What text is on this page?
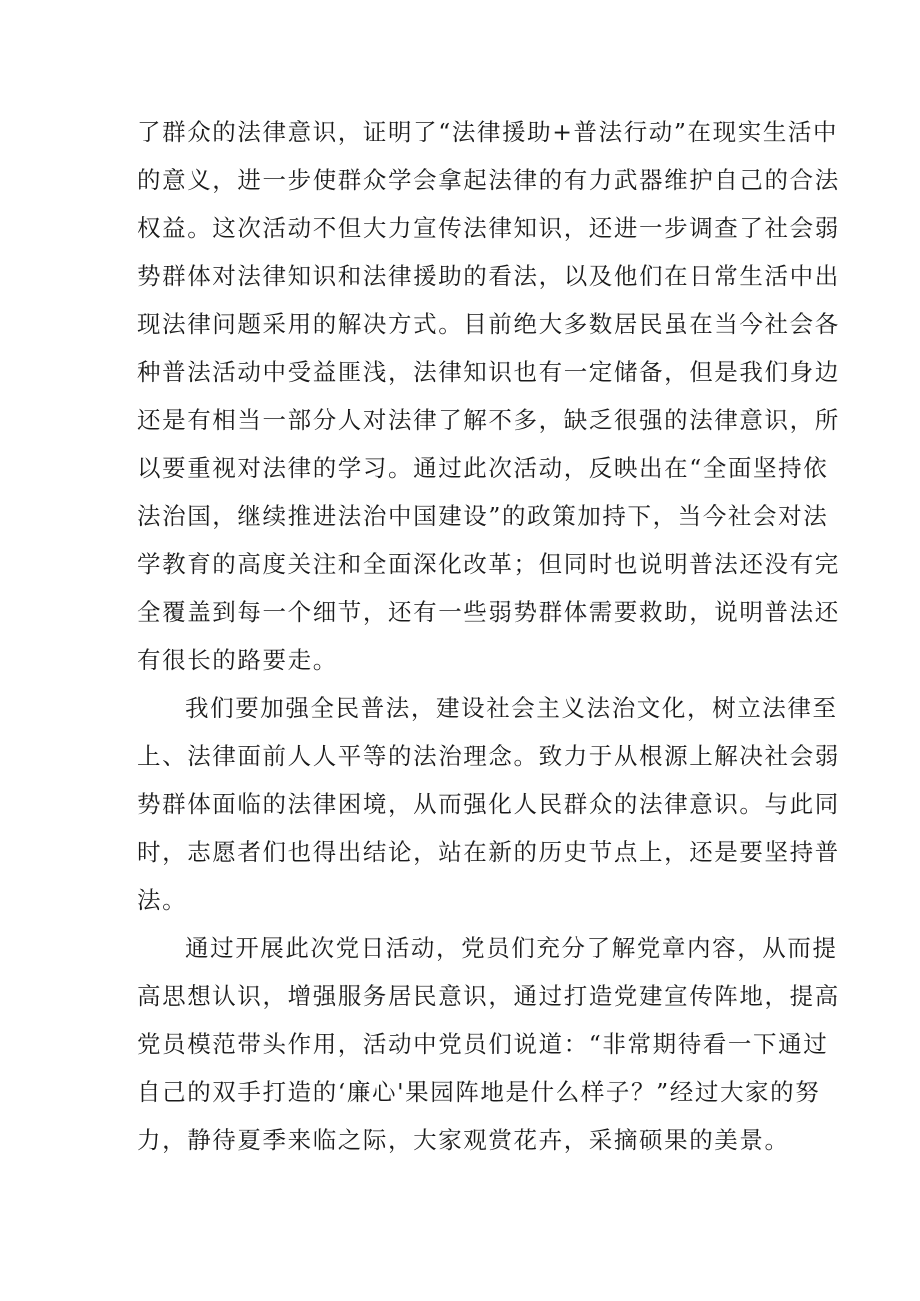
了群众的法律意识，证明了“法律援助+普法行动”在现实生活中
的意义，进一步使群众学会拿起法律的有力武器维护自己的合法
权益。这次活动不但大力宣传法律知识，还进一步调查了社会弱
势群体对法律知识和法律援助的看法，以及他们在日常生活中出
现法律问题采用的解决方式。目前绝大多数居民虽在当今社会各
种普法活动中受益匪浅，法律知识也有一定储备，但是我们身边
还是有相当一部分人对法律了解不多，缺乏很强的法律意识，所
以要重视对法律的学习。通过此次活动，反映出在“全面坚持依
法治国，继续推进法治中国建设”的政策加持下，当今社会对法
学教育的高度关注和全面深化改革；但同时也说明普法还没有完
全覆盖到每一个细节，还有一些弱势群体需要救助，说明普法还
有很长的路要走。
我们要加强全民普法，建设社会主义法治文化，树立法律至
上、法律面前人人平等的法治理念。致力于从根源上解决社会弱
势群体面临的法律困境，从而强化人民群众的法律意识。与此同
时，志愿者们也得出结论，站在新的历史节点上，还是要坚持普
法。
通过开展此次党日活动，党员们充分了解党章内容，从而提
高思想认识，增强服务居民意识，通过打造党建宣传阵地，提高
党员模范带头作用，活动中党员们说道：“非常期待看一下通过
自己的双手打造的‘廉心'果园阵地是什么样子？”经过大家的努
力，静待夏季来临之际，大家观赏花卉，采摘硕果的美景。
